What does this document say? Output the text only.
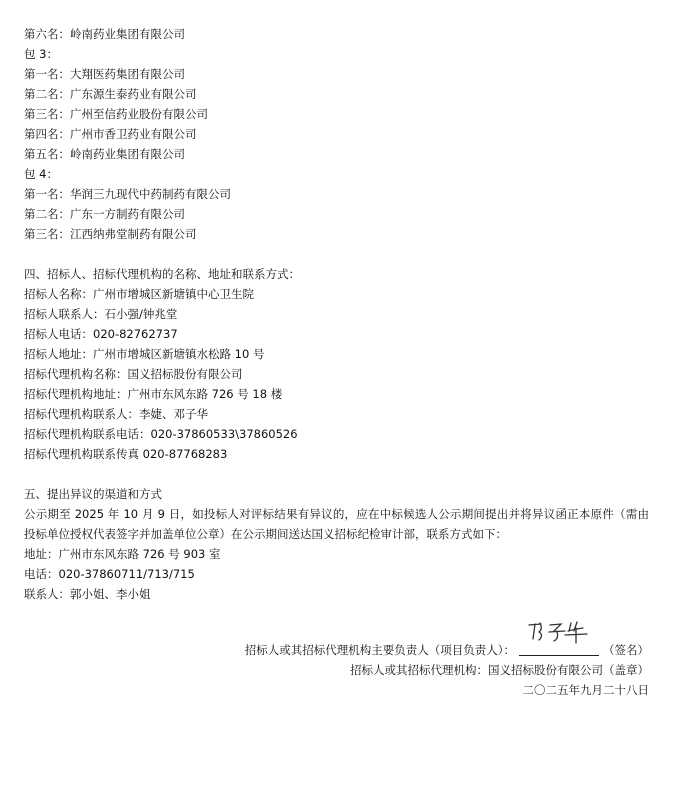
第六名：岭南药业集团有限公司
包 3：
第一名：大翔医药集团有限公司
第二名：广东源生泰药业有限公司
第三名：广州至信药业股份有限公司
第四名：广州市香卫药业有限公司
第五名：岭南药业集团有限公司
包 4：
第一名：华润三九现代中药制药有限公司
第二名：广东一方制药有限公司
第三名：江西纳弗堂制药有限公司
四、招标人、招标代理机构的名称、地址和联系方式：
招标人名称：广州市增城区新塘镇中心卫生院
招标人联系人：石小强/钟兆堂
招标人电话：020-82762737
招标人地址：广州市增城区新塘镇水松路 10 号
招标代理机构名称：国义招标股份有限公司
招标代理机构地址：广州市东风东路 726 号 18 楼
招标代理机构联系人：李婕、邓子华
招标代理机构联系电话：020-37860533\37860526
招标代理机构联系传真 020-87768283
五、提出异议的渠道和方式
公示期至 2025 年 10 月 9 日，如投标人对评标结果有异议的，应在中标候选人公示期间提出并将异议函正本原件（需由投标单位授权代表签字并加盖单位公章）在公示期间送达国义招标纪检审计部，联系方式如下：
地址：广州市东风东路 726 号 903 室
电话：020-37860711/713/715
联系人：郭小姐、李小姐
招标人或其招标代理机构主要负责人（项目负责人）：	（签名）
招标人或其招标代理机构：国义招标股份有限公司（盖章）
二〇二五年九月二十八日
